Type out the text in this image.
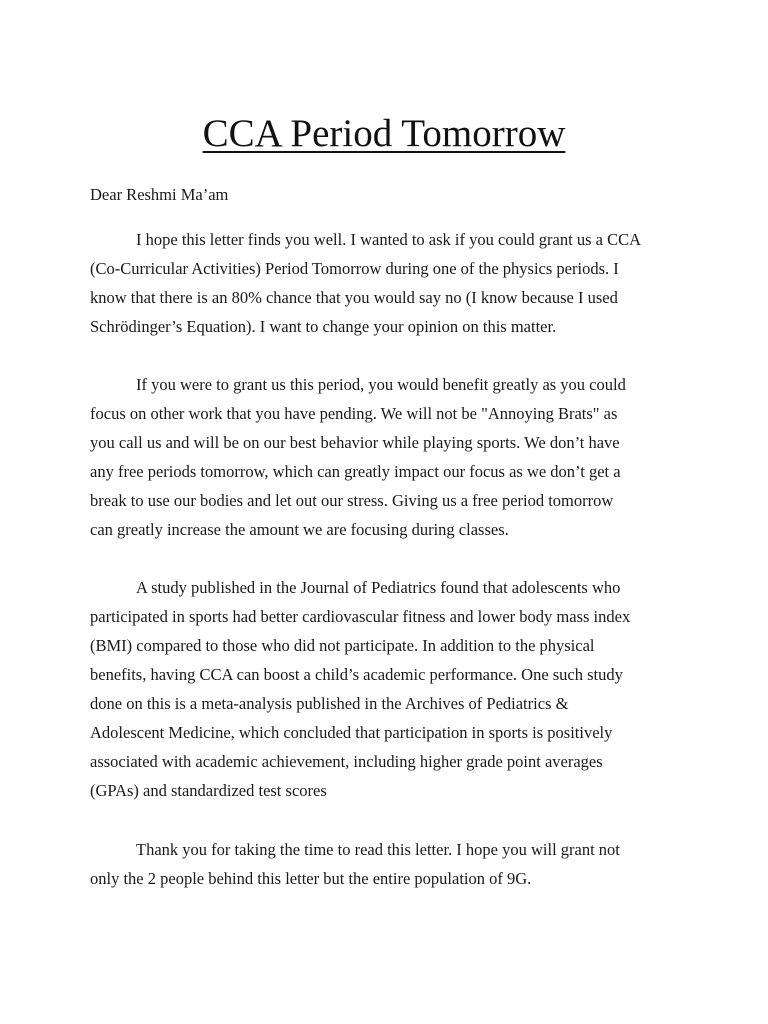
CCA Period Tomorrow

Dear Reshmi Ma’am

I hope this letter finds you well. I wanted to ask if you could grant us a CCA
(Co-Curricular Activities) Period Tomorrow during one of the physics periods. I
know that there is an 80% chance that you would say no (I know because I used
Schrödinger’s Equation). I want to change your opinion on this matter.

If you were to grant us this period, you would benefit greatly as you could
focus on other work that you have pending. We will not be "Annoying Brats" as
you call us and will be on our best behavior while playing sports. We don’t have
any free periods tomorrow, which can greatly impact our focus as we don’t get a
break to use our bodies and let out our stress. Giving us a free period tomorrow
can greatly increase the amount we are focusing during classes.

A study published in the Journal of Pediatrics found that adolescents who
participated in sports had better cardiovascular fitness and lower body mass index
(BMI) compared to those who did not participate. In addition to the physical
benefits, having CCA can boost a child’s academic performance. One such study
done on this is a meta-analysis published in the Archives of Pediatrics &
Adolescent Medicine, which concluded that participation in sports is positively
associated with academic achievement, including higher grade point averages
(GPAs) and standardized test scores

Thank you for taking the time to read this letter. I hope you will grant not
only the 2 people behind this letter but the entire population of 9G.
